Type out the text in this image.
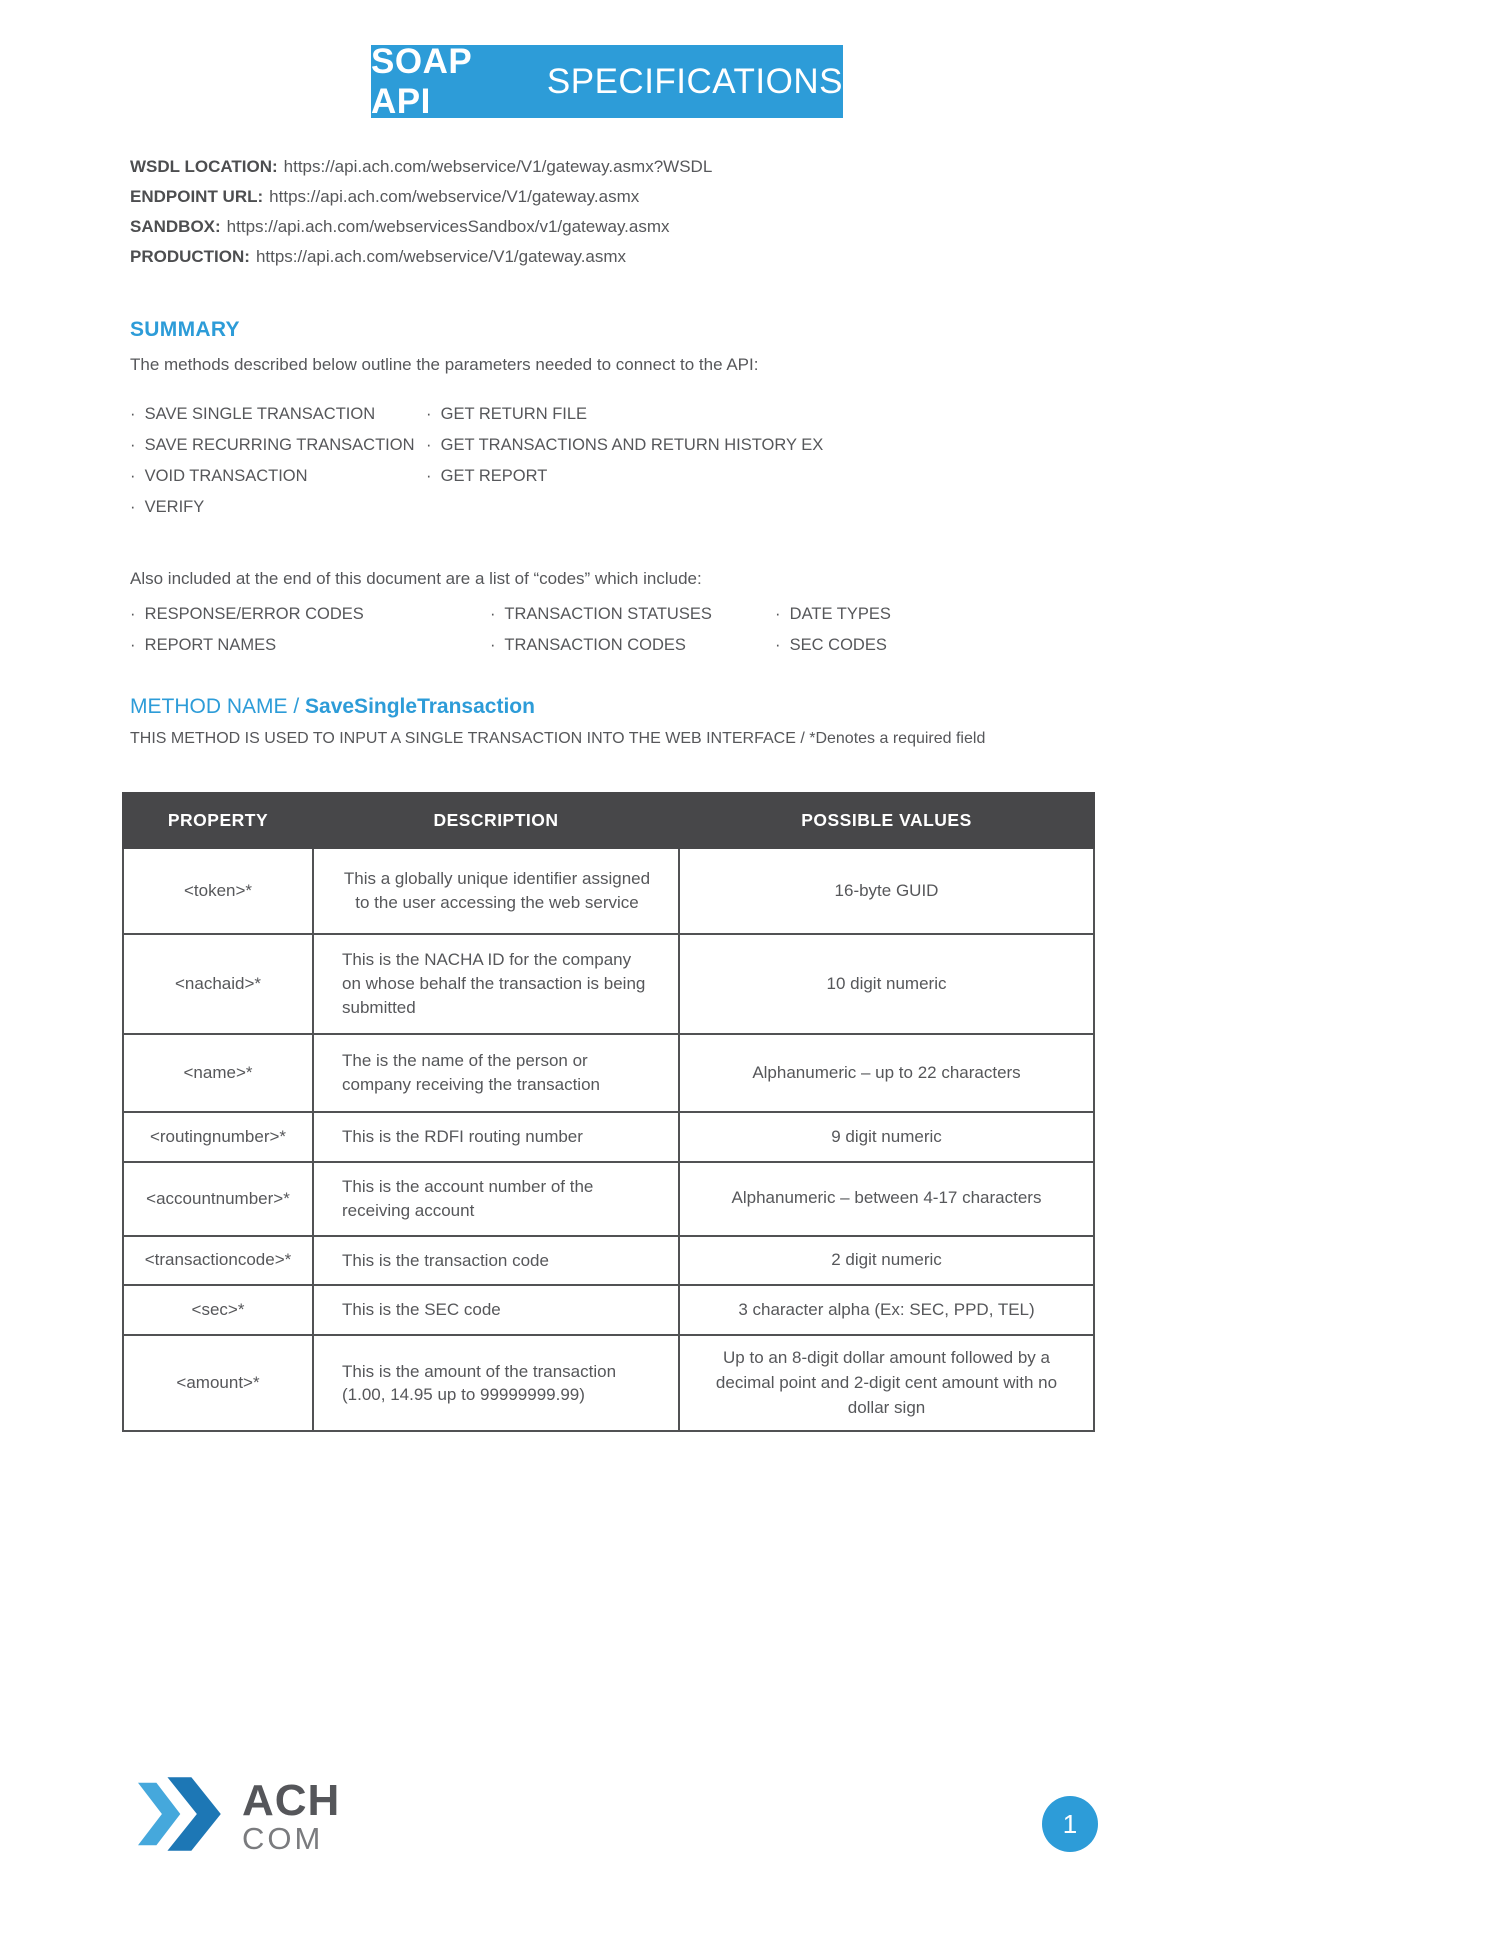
SOAP API
SPECIFICATIONS
WSDL LOCATION: https://api.ach.com/webservice/V1/gateway.asmx?WSDL
ENDPOINT URL: https://api.ach.com/webservice/V1/gateway.asmx
SANDBOX: https://api.ach.com/webservicesSandbox/v1/gateway.asmx
PRODUCTION: https://api.ach.com/webservice/V1/gateway.asmx
SUMMARY
The methods described below outline the parameters needed to connect to the API:
· SAVE SINGLE TRANSACTION
· SAVE RECURRING TRANSACTION
· VOID TRANSACTION
· VERIFY
· GET RETURN FILE
· GET TRANSACTIONS AND RETURN HISTORY EX
· GET REPORT
Also included at the end of this document are a list of “codes” which include:
· RESPONSE/ERROR CODES
· REPORT NAMES
· TRANSACTION STATUSES
· TRANSACTION CODES
· DATE TYPES
· SEC CODES
METHOD NAME / SaveSingleTransaction
THIS METHOD IS USED TO INPUT A SINGLE TRANSACTION INTO THE WEB INTERFACE / *Denotes a required field
PROPERTY	DESCRIPTION	POSSIBLE VALUES
<token>*	This a globally unique identifier assigned to the user accessing the web service	16-byte GUID
<nachaid>*	This is the NACHA ID for the company on whose behalf the transaction is being submitted	10 digit numeric
<name>*	The is the name of the person or company receiving the transaction	Alphanumeric – up to 22 characters
<routingnumber>*	This is the RDFI routing number	9 digit numeric
<accountnumber>*	This is the account number of the receiving account	Alphanumeric – between 4-17 characters
<transactioncode>*	This is the transaction code	2 digit numeric
<sec>*	This is the SEC code	3 character alpha (Ex: SEC, PPD, TEL)
<amount>*	This is the amount of the transaction (1.00, 14.95 up to 99999999.99)	Up to an 8-digit dollar amount followed by a decimal point and 2-digit cent amount with no dollar sign
ACH
COM	1
